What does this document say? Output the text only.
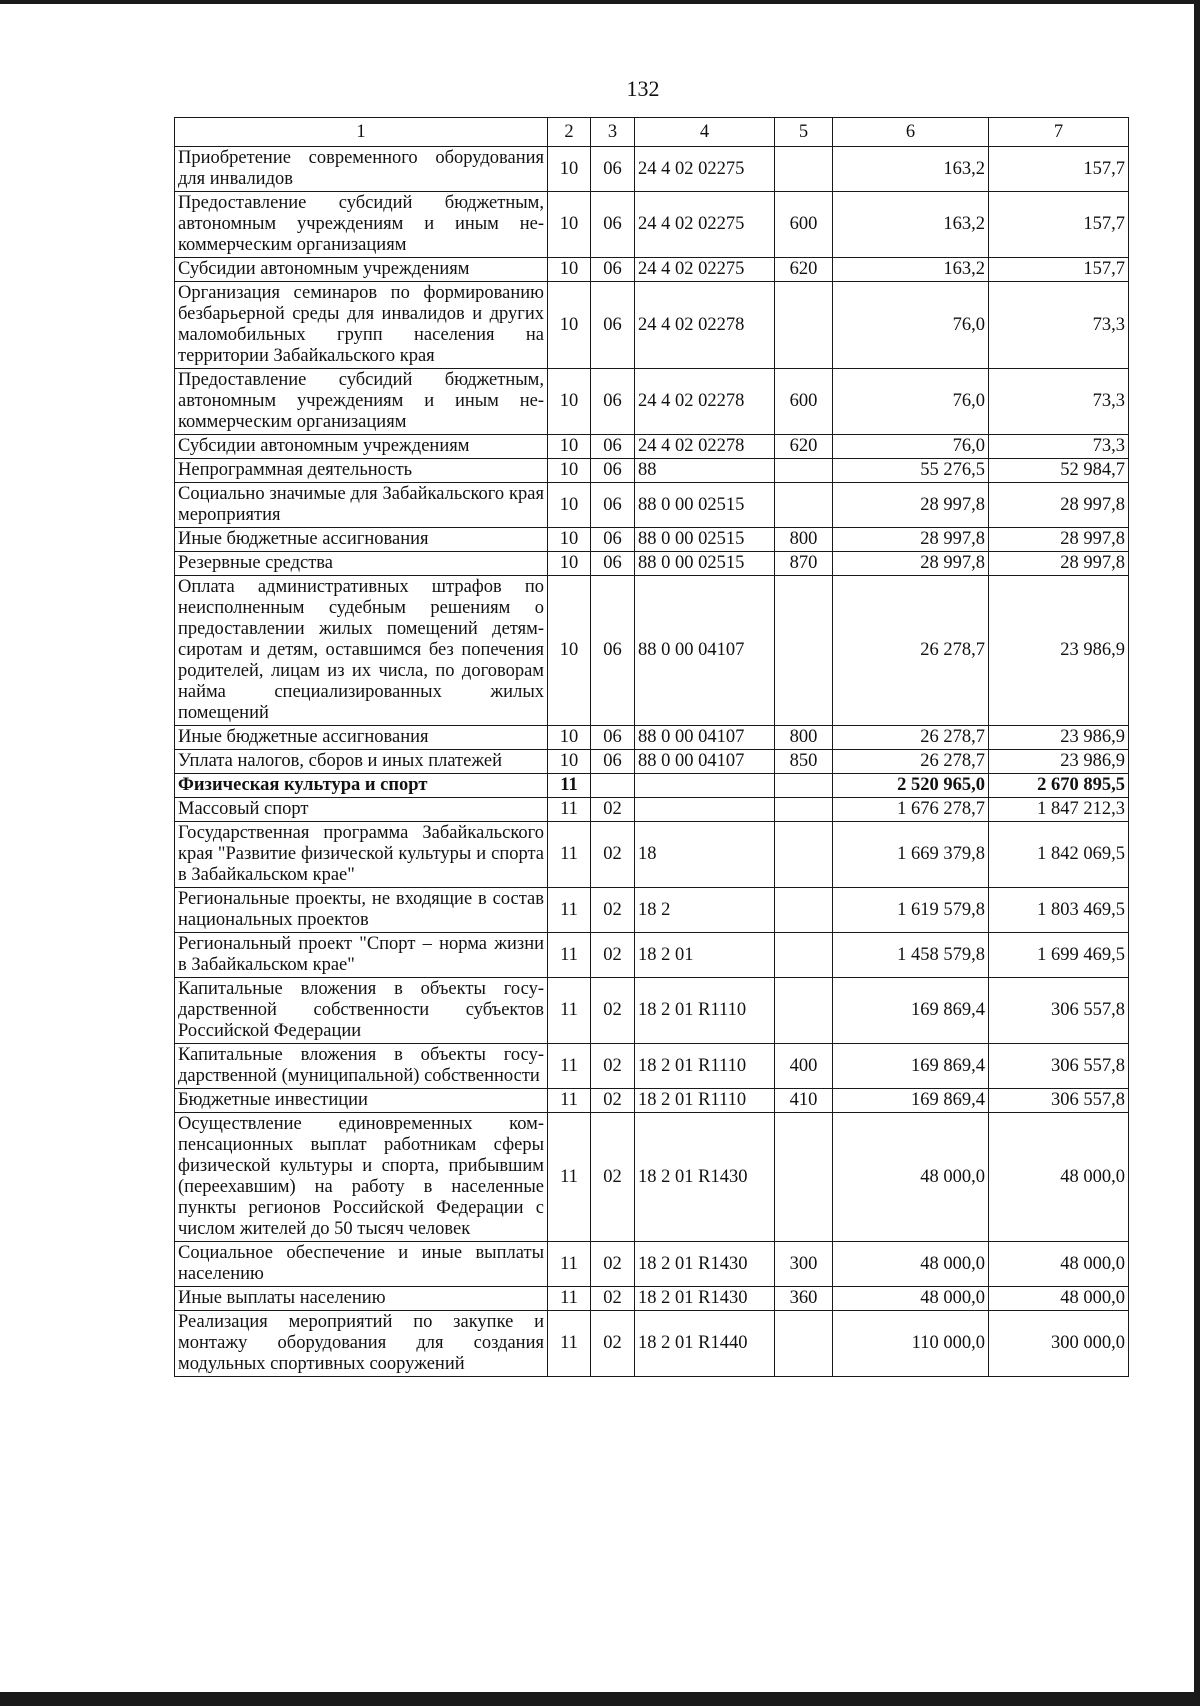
132
1	2	3	4	5	6	7
Приобретение современного оборудования для инвалидов	10	06	24 4 02 02275		163,2	157,7
Предоставление субсидий бюджетным, автономным учреждениям и иным некоммерческим организациям	10	06	24 4 02 02275	600	163,2	157,7
Субсидии автономным учреждениям	10	06	24 4 02 02275	620	163,2	157,7
Организация семинаров по формированию безбарьерной среды для инвалидов и других маломобильных групп населения на территории Забайкальского края	10	06	24 4 02 02278		76,0	73,3
Предоставление субсидий бюджетным, автономным учреждениям и иным некоммерческим организациям	10	06	24 4 02 02278	600	76,0	73,3
Субсидии автономным учреждениям	10	06	24 4 02 02278	620	76,0	73,3
Непрограммная деятельность	10	06	88		55 276,5	52 984,7
Социально значимые для Забайкальского края мероприятия	10	06	88 0 00 02515		28 997,8	28 997,8
Иные бюджетные ассигнования	10	06	88 0 00 02515	800	28 997,8	28 997,8
Резервные средства	10	06	88 0 00 02515	870	28 997,8	28 997,8
Оплата административных штрафов по неисполненным судебным решениям о предоставлении жилых помещений детям-сиротам и детям, оставшимся без попечения родителей, лицам из их числа, по договорам найма специализированных жилых помещений	10	06	88 0 00 04107		26 278,7	23 986,9
Иные бюджетные ассигнования	10	06	88 0 00 04107	800	26 278,7	23 986,9
Уплата налогов, сборов и иных платежей	10	06	88 0 00 04107	850	26 278,7	23 986,9
Физическая культура и спорт	11				2 520 965,0	2 670 895,5
Массовый спорт	11	02			1 676 278,7	1 847 212,3
Государственная программа Забайкальского края "Развитие физической культуры и спорта в Забайкальском крае"	11	02	18		1 669 379,8	1 842 069,5
Региональные проекты, не входящие в состав национальных проектов	11	02	18 2		1 619 579,8	1 803 469,5
Региональный проект "Спорт – норма жизни в Забайкальском крае"	11	02	18 2 01		1 458 579,8	1 699 469,5
Капитальные вложения в объекты государственной собственности субъектов Российской Федерации	11	02	18 2 01 R1110		169 869,4	306 557,8
Капитальные вложения в объекты государственной (муниципальной) собственности	11	02	18 2 01 R1110	400	169 869,4	306 557,8
Бюджетные инвестиции	11	02	18 2 01 R1110	410	169 869,4	306 557,8
Осуществление единовременных компенсационных выплат работникам сферы физической культуры и спорта, прибывшим (переехавшим) на работу в населенные пункты регионов Российской Федерации с числом жителей до 50 тысяч человек	11	02	18 2 01 R1430		48 000,0	48 000,0
Социальное обеспечение и иные выплаты населению	11	02	18 2 01 R1430	300	48 000,0	48 000,0
Иные выплаты населению	11	02	18 2 01 R1430	360	48 000,0	48 000,0
Реализация мероприятий по закупке и монтажу оборудования для создания модульных спортивных сооружений	11	02	18 2 01 R1440		110 000,0	300 000,0
